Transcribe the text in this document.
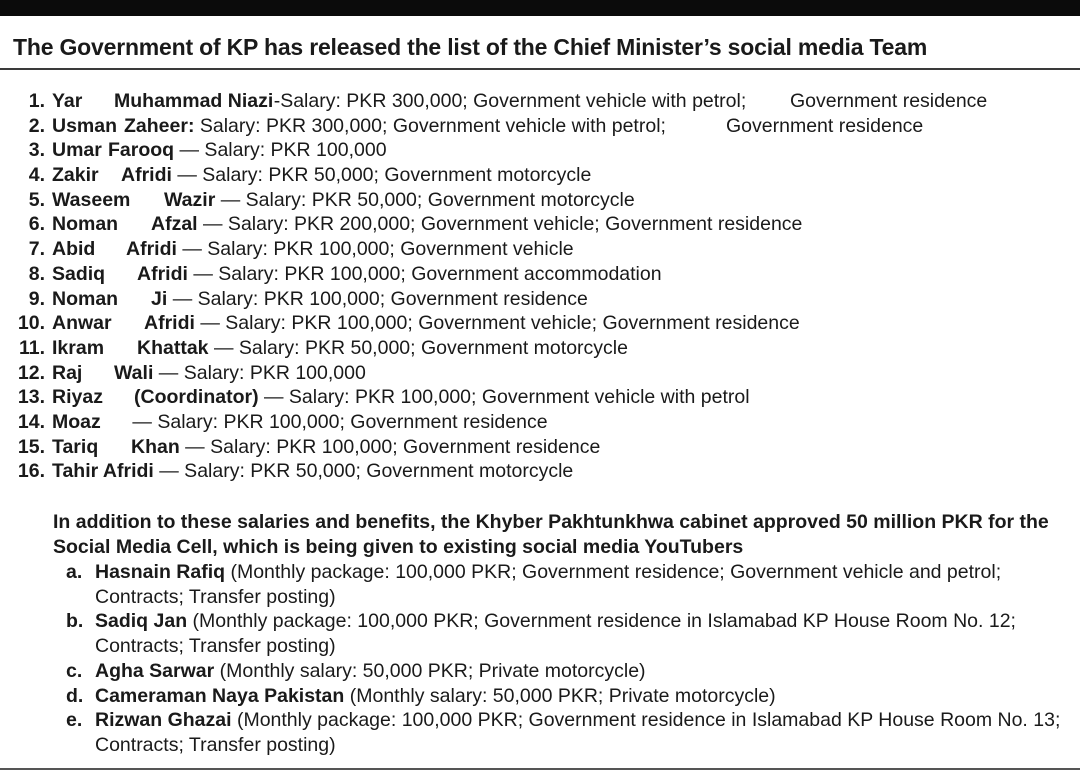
The Government of KP has released the list of the Chief Minister’s social media Team
1. Yar Muhammad Niazi -Salary: PKR 300,000; Government vehicle with petrol; Government residence
2. Usman Zaheer: Salary: PKR 300,000; Government vehicle with petrol;	Government residence
3. Umar Farooq — Salary: PKR 100,000
4. Zakir Afridi — Salary: PKR 50,000; Government motorcycle
5. Waseem Wazir — Salary: PKR 50,000; Government motorcycle
6. Noman Afzal — Salary: PKR 200,000; Government vehicle; Government residence
7. Abid Afridi — Salary: PKR 100,000; Government vehicle
8. Sadiq Afridi — Salary: PKR 100,000; Government accommodation
9. Noman Ji — Salary: PKR 100,000; Government residence
10. Anwar Afridi — Salary: PKR 100,000; Government vehicle; Government residence
11. Ikram Khattak — Salary: PKR 50,000; Government motorcycle
12. Raj Wali — Salary: PKR 100,000
13. Riyaz (Coordinator) — Salary: PKR 100,000; Government vehicle with petrol
14. Moaz — Salary: PKR 100,000; Government residence
15. Tariq Khan — Salary: PKR 100,000; Government residence
16. Tahir Afridi — Salary: PKR 50,000; Government motorcycle

In addition to these salaries and benefits, the Khyber Pakhtunkhwa cabinet approved 50 million PKR for the Social Media Cell, which is being given to existing social media YouTubers

a. Hasnain Rafiq (Monthly package: 100,000 PKR; Government residence; Government vehicle and petrol; Contracts; Transfer posting)
b. Sadiq Jan (Monthly package: 100,000 PKR; Government residence in Islamabad KP House Room No. 12; Contracts; Transfer posting)
c. Agha Sarwar (Monthly salary: 50,000 PKR; Private motorcycle)
d. Cameraman Naya Pakistan (Monthly salary: 50,000 PKR; Private motorcycle)
e. Rizwan Ghazai (Monthly package: 100,000 PKR; Government residence in Islamabad KP House Room No. 13; Contracts; Transfer posting)
